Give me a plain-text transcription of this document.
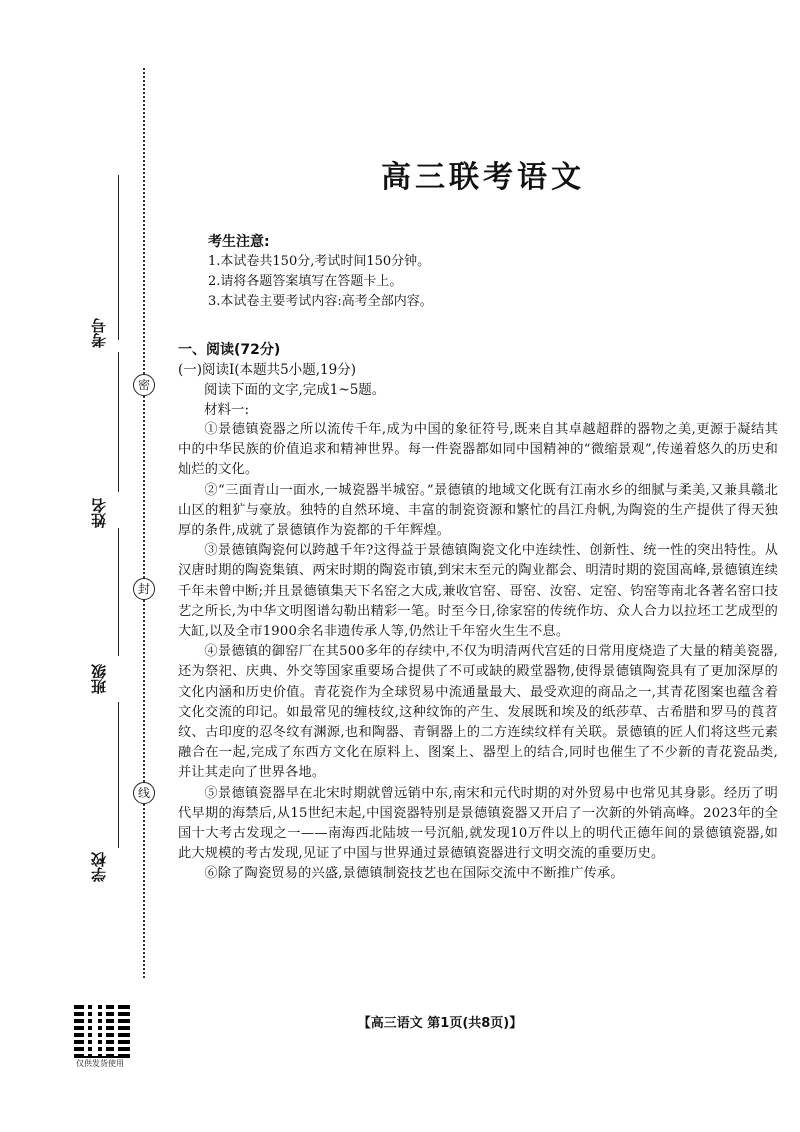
考号
密
姓名
封
班级
线
学校
仅供发货使用
高三联考语文
考生注意:
1.本试卷共150分,考试时间150分钟。
2.请将各题答案填写在答题卡上。
3.本试卷主要考试内容:高考全部内容。
一、阅读(72分)
(一)阅读Ⅰ(本题共5小题,19分)
阅读下面的文字,完成1~5题。
材料一:

①景德镇瓷器之所以流传千年,成为中国的象征符号,既来自其卓越超群的器物之美,更源于凝结其中的中华民族的价值追求和精神世界。每一件瓷器都如同中国精神的“微缩景观”,传递着悠久的历史和灿烂的文化。

②“三面青山一面水,一城瓷器半城窑。”景德镇的地域文化既有江南水乡的细腻与柔美,又兼具赣北山区的粗犷与豪放。独特的自然环境、丰富的制瓷资源和繁忙的昌江舟帆,为陶瓷的生产提供了得天独厚的条件,成就了景德镇作为瓷都的千年辉煌。

③景德镇陶瓷何以跨越千年?这得益于景德镇陶瓷文化中连续性、创新性、统一性的突出特性。从汉唐时期的陶瓷集镇、两宋时期的陶瓷市镇,到宋末至元的陶业都会、明清时期的瓷国高峰,景德镇连续千年未曾中断;并且景德镇集天下名窑之大成,兼收官窑、哥窑、汝窑、定窑、钧窑等南北各著名窑口技艺之所长,为中华文明图谱勾勒出精彩一笔。时至今日,徐家窑的传统作坊、众人合力以拉坯工艺成型的大缸,以及全市1900余名非遗传承人等,仍然让千年窑火生生不息。

④景德镇的御窑厂在其500多年的存续中,不仅为明清两代宫廷的日常用度烧造了大量的精美瓷器,还为祭祀、庆典、外交等国家重要场合提供了不可或缺的殿堂器物,使得景德镇陶瓷具有了更加深厚的文化内涵和历史价值。青花瓷作为全球贸易中流通量最大、最受欢迎的商品之一,其青花图案也蕴含着文化交流的印记。如最常见的缠枝纹,这种纹饰的产生、发展既和埃及的纸莎草、古希腊和罗马的莨苕纹、古印度的忍冬纹有渊源,也和陶器、青铜器上的二方连续纹样有关联。景德镇的匠人们将这些元素融合在一起,完成了东西方文化在原料上、图案上、器型上的结合,同时也催生了不少新的青花瓷品类,并让其走向了世界各地。

⑤景德镇瓷器早在北宋时期就曾远销中东,南宋和元代时期的对外贸易中也常见其身影。经历了明代早期的海禁后,从15世纪末起,中国瓷器特别是景德镇瓷器又开启了一次新的外销高峰。2023年的全国十大考古发现之一——南海西北陆坡一号沉船,就发现10万件以上的明代正德年间的景德镇瓷器,如此大规模的考古发现,见证了中国与世界通过景德镇瓷器进行文明交流的重要历史。

⑥除了陶瓷贸易的兴盛,景德镇制瓷技艺也在国际交流中不断推广传承。

【高三语文 第1页(共8页)】
